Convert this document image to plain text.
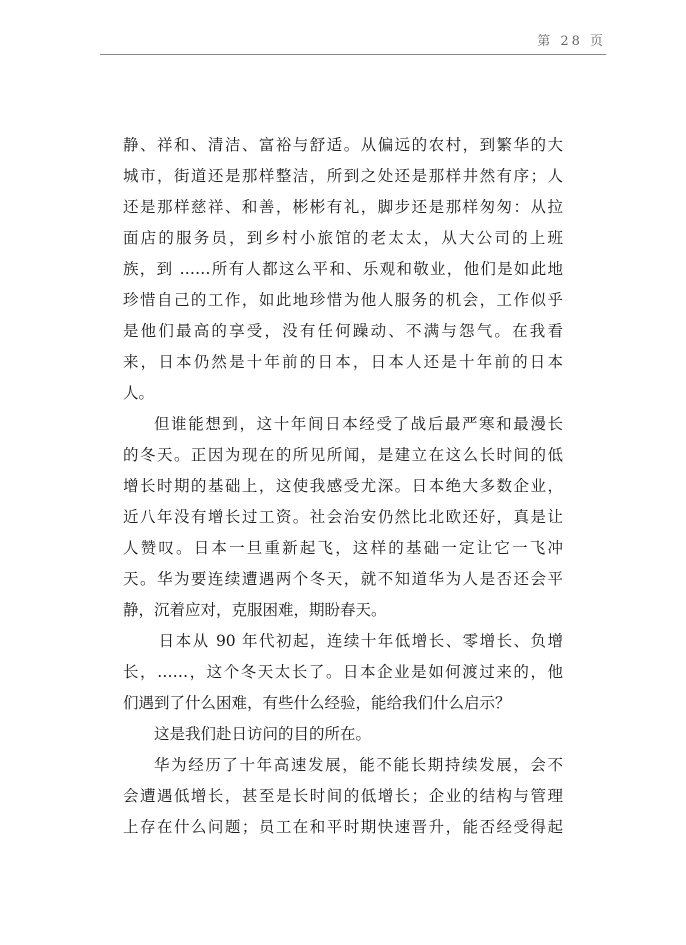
第 28 页

静、祥和、清洁、富裕与舒适。从偏远的农村，到繁华的大
城市，街道还是那样整洁，所到之处还是那样井然有序；人
还是那样慈祥、和善，彬彬有礼，脚步还是那样匆匆：从拉
面店的服务员，到乡村小旅馆的老太太，从大公司的上班
族，到 ……所有人都这么平和、乐观和敬业，他们是如此地
珍惜自己的工作，如此地珍惜为他人服务的机会，工作似乎
是他们最高的享受，没有任何躁动、不满与怨气。在我看
来，日本仍然是十年前的日本，日本人还是十年前的日本
人。

但谁能想到，这十年间日本经受了战后最严寒和最漫长
的冬天。正因为现在的所见所闻，是建立在这么长时间的低
增长时期的基础上，这使我感受尤深。日本绝大多数企业，
近八年没有增长过工资。社会治安仍然比北欧还好，真是让
人赞叹。日本一旦重新起飞，这样的基础一定让它一飞冲
天。华为要连续遭遇两个冬天，就不知道华为人是否还会平
静，沉着应对，克服困难，期盼春天。

日本从 90 年代初起，连续十年低增长、零增长、负增
长，……，这个冬天太长了。日本企业是如何渡过来的，他
们遇到了什么困难，有些什么经验，能给我们什么启示？

这是我们赴日访问的目的所在。

华为经历了十年高速发展，能不能长期持续发展，会不
会遭遇低增长，甚至是长时间的低增长；企业的结构与管理
上存在什么问题；员工在和平时期快速晋升，能否经受得起
